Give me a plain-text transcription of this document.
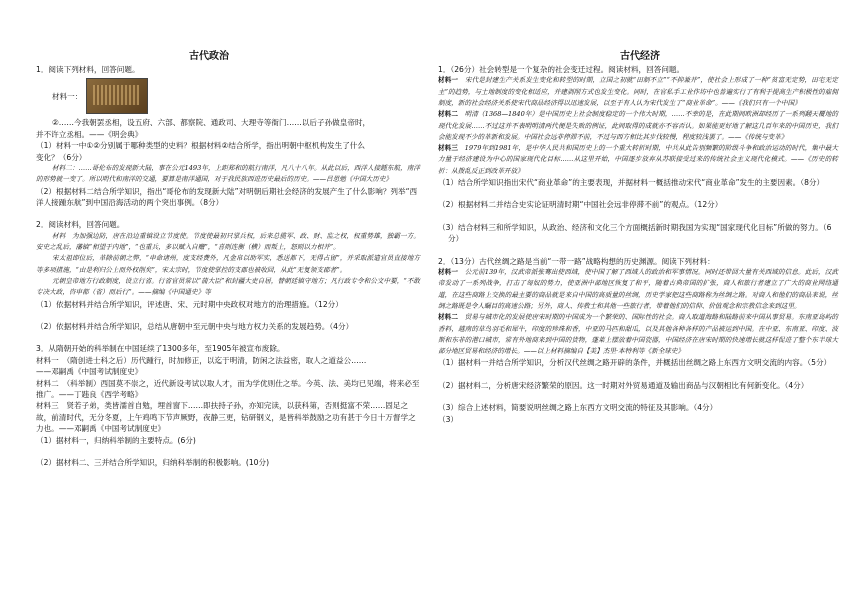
古代政治	古代经济

1．阅读下列材料，回答问题。

材料一：

②……今我朝罢丞相，设五府、六部、都察院、通政司、大理寺等衙门……以后子孙做皇帝时，

并不许立丞相。——《明会典》

（1）材料一中①②分别属于哪种类型的史料？根据材料②结合所学，指出明朝中枢机构发生了什么

变化？（6分）

材料二：……哥伦布的发现新大陆，事在公元1493年，上距郑和的航行南洋，凡八十八年。从此以后，西洋人接踵东航，南洋的形势就一变了。所以明代和南洋的交通，要算是南洋通国，对于我民族西进历史最后的历史。——吕思勉《中国大历史》

（2）根据材料二结合所学知识，指出“哥伦布的发现新大陆”对明朝后期社会经济的发展产生了什么影响？列举“西洋人接踵东航”到中国沿海活动的两个突出事例。（8分）

2．阅读材料，回答问题。

材料　为加强边防，唐在沿边重镇设立节度使。节度使最初只掌兵权，后来总揽军、政、财、监之权，权重势雄，独霸一方。安史之乱后，藩镇“相望于内地”，“也重兵，多以赋入自赡”，“喜则连衡（横）而叛上，怒则以力相并”。

宋太祖即位后，革除前朝之弊，“申命诸州，度支经费外，凡金帛以助军实，悉送都下，无得占留”，并采取派遣官员直接地方等多项措施，“由是利归公上而外权削矣”，宋太宗时，节度使掌控的支郡也被收回，从此“无复领支郡者”。

元朝皇帝地方行政制度，设立行省。行省官员常以“蒲大臣”和封疆大吏自居，替朝廷镇守地方；凡行政专令和公文中要，“不敢专决大政，咨申都（省）而后行”。——摘编《中国通史》等

（1）依据材料并结合所学知识，评述唐、宋、元时期中央政权对地方的治理措施。（12分）

（2）依据材料并结合所学知识，总结从唐朝中至元朝中央与地方权力关系的发展趋势。（4分）

3．从隋朝开始的科举制在中国延续了1300多年，至1905年被宣布废除。

材料一　（隋创进士科之后）历代踵行，时加修正，以迄于明清，防闲之法益密，取人之道益公……

——邓嗣禹《中国考试制度史》

材料二　（科举制）西国莫不崇之，近代新设考试以取人才，而为学优则仕之举。今英、法、美均已见端，将来必至推广。——丁韪良《西学考略》

材料三　贤若子弟，类皆濡首自勉，埋首窗下……即扶持子孙，亦知完读，以获科第，否则挺富不荣……固足之故，前清时代，无分冬夏，上午鸡鸣下节声厥野，夜静三更，钻研钢义，是皆科举鼓励之功有甚于今日十万督学之力也。——邓嗣禹《中国考试制度史》

（1）据材料一，归纳科举制的主要特点。(6分)

（2）据材料二、三并结合所学知识，归纳科举制的积极影响。(10分)

1．（26分）社会转型是一个复杂的社会变迁过程。阅读材料，回答问题。

材料一　 宋代是封建生产关系发生变化和转型的时期，立国之初就“田制不立”“不抑兼并”，使社会上形成了一种“贫富无定势，田宅无定主”的趋势，与土地制度的变化相适应，并建剥削方式也发生变化。同时，在官私手工业作坊中也普遍实行了有利于提高生产积极性的雇佣制度，新的社会经济关系使宋代商品经济得以迅速发展，以至于有人认为宋代发生了“商业革命”。——《我们只有一个中国》

材料二　 明清（1368—1840年）是中国历史上社会制度稳定的一个伟大时期，……不幸的是，在此期间欧洲却经历了一系列翻天覆地的现代化发展……不过这并不表明明清两代便是失败的例证，此间取得的成就亦不容否认。如果能更好地了解这几百年来的中国历史，我们会能发现不少的革新和发展。中国社会远非停滞不前，不过与西方相比其步伐较慢，程度较浅罢了。——《传统与变革》

材料三　 1979年到1981年，是中华人民共和国历史上的一个重大转折时期，中共从此告别频繁的阶级斗争和政治运动的时代，集中最大力量于经济建设为中心的国家现代化目标……从这里开始，中国逐步放弃从苏联接受过来的传统社会主义现代化模式。——《历史的转折：从拨乱反正到改革开放》

（1）结合所学知识指出宋代“商业革命”的主要表现，并据材料一概括推动宋代“商业革命”发生的主要因素。（8分）

（2）根据材料二并结合史实论证明清时期“中国社会远非停滞不前”的观点。（12分）

（3）结合材料三和所学知识，从政治、经济和文化三个方面概括新时期我国为实现“国家现代化目标”所做的努力。（6分）

2．（13分）古代丝绸之路是当前“一带一路”战略构想的历史渊源。阅读下列材料：

材料一　 公元前139年，汉武帝派张骞出使西域，使中国了解了西域人的政治和军事情况。同时还带回大量有关西域的信息。此后，汉武帝发动了一系列战争，打击了匈奴的势力，使亚洲中部地区恢复了和平，随着古典帝国的扩张，商人和旅行者建立了广大的商业网络通道，在这些商路上交换的最主要的商品就是来自中国的高质量的丝绸，历史学家把这些商路称为丝绸之路。对商人和他们的商品来说，丝绸之路既是令人瞩目的高速公路；另外，商人、传教士和其他一些旅行者，带着他们的信仰、价值观念和宗教信念来到这里。

材料二　 贸易与城市化的发展使唐宋时期的中国成为一个繁荣的、国际性的社会。商人取道海路和陆路前来中国从事贸易。东南亚岛屿的香料，越南的草鸟羽毛和犀牛，印度的珍珠和香，中亚的马匹和甜瓜，以及其他各种各样的产品被运到中国。在中亚、东南亚、印度、波斯和东非的港口城市，常有外地商来到中国的货物，蓬莱上摆放着中国瓷器，中国经济在唐宋时期的快速增长就这样促进了整个东半球大部分地区贸易和经济的增长。——以上材料摘编自【美】杰里·本特利等《新全球史》

（1）据材料一并结合所学知识，分析汉代丝绸之路开辟的条件，并概括出丝绸之路上东西方文明交流的内容。（5分）

（2）据材料二，分析唐宋经济繁荣的原因。这一时期对外贸易通道及输出商品与汉朝相比有何新变化。（4分）

（3）综合上述材料，简要说明丝绸之路上东西方文明交流的特征及其影响。（4分）

（3）
